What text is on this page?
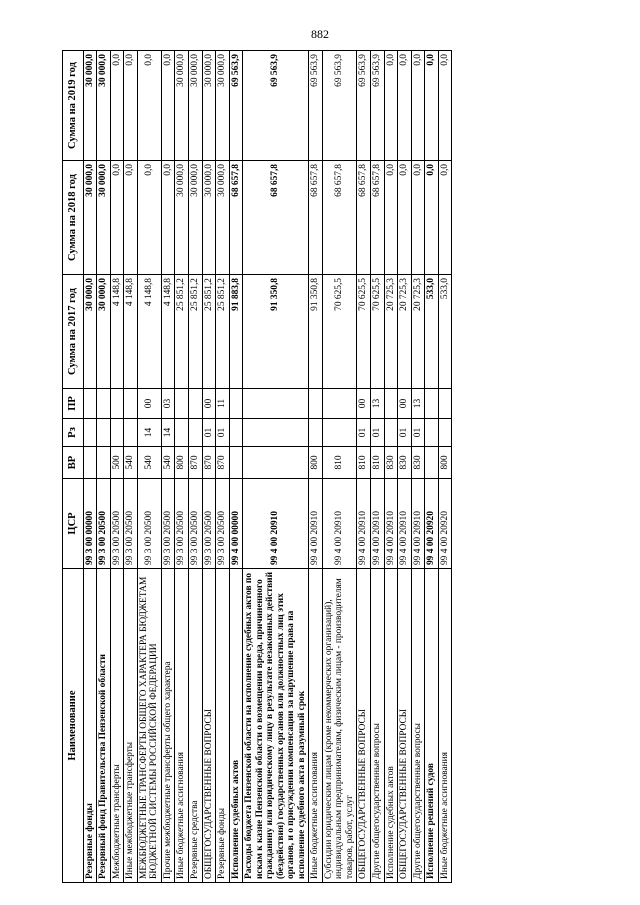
882
Наименование	ЦСР	ВР	Рз	ПР	Сумма на 2017 год	Сумма на 2018 год	Сумма на 2019 год
Резервные фонды	99 3 00 00000				30 000,0	30 000,0	30 000,0
Резервный фонд Правительства Пензенской области	99 3 00 20500				30 000,0	30 000,0	30 000,0
Межбюджетные трансферты	99 3 00 20500	500			4 148,8	0,0	0,0
Иные межбюджетные трансферты	99 3 00 20500	540			4 148,8	0,0	0,0
МЕЖБЮДЖЕТНЫЕ ТРАНСФЕРТЫ ОБЩЕГО ХАРАКТЕРА БЮДЖЕТАМ БЮДЖЕТНОЙ СИСТЕМЫ РОССИЙСКОЙ ФЕДЕРАЦИИ	99 3 00 20500	540	14	00	4 148,8	0,0	0,0
Прочие межбюджетные трансферты общего характера	99 3 00 20500	540	14	03	4 148,8	0,0	0,0
Иные бюджетные ассигнования	99 3 00 20500	800			25 851,2	30 000,0	30 000,0
Резервные средства	99 3 00 20500	870			25 851,2	30 000,0	30 000,0
ОБЩЕГОСУДАРСТВЕННЫЕ ВОПРОСЫ	99 3 00 20500	870	01	00	25 851,2	30 000,0	30 000,0
Резервные фонды	99 3 00 20500	870	01	11	25 851,2	30 000,0	30 000,0
Исполнение судебных актов	99 4 00 00000				91 883,8	68 657,8	69 563,9
Расходы бюджета Пензенской области на исполнение судебных актов по искам к казне Пензенской области о возмещении вреда, причиненного гражданину или юридическому лицу в результате незаконных действий (бездействия) государственных органов или должностных лиц этих органов, и о присуждении компенсации за нарушение права на исполнение судебного акта в разумный срок	99 4 00 20910				91 350,8	68 657,8	69 563,9
Иные бюджетные ассигнования	99 4 00 20910	800			91 350,8	68 657,8	69 563,9
Субсидии юридическим лицам (кроме некоммерческих организаций), индивидуальным предпринимателям, физическим лицам - производителям товаров, работ, услуг	99 4 00 20910	810			70 625,5	68 657,8	69 563,9
ОБЩЕГОСУДАРСТВЕННЫЕ ВОПРОСЫ	99 4 00 20910	810	01	00	70 625,5	68 657,8	69 563,9
Другие общегосударственные вопросы	99 4 00 20910	810	01	13	70 625,5	68 657,8	69 563,9
Исполнение судебных актов	99 4 00 20910	830			20 725,3	0,0	0,0
ОБЩЕГОСУДАРСТВЕННЫЕ ВОПРОСЫ	99 4 00 20910	830	01	00	20 725,3	0,0	0,0
Другие общегосударственные вопросы	99 4 00 20910	830	01	13	20 725,3	0,0	0,0
Исполнение решений судов	99 4 00 20920				533,0	0,0	0,0
Иные бюджетные ассигнования	99 4 00 20920	800			533,0	0,0	0,0
